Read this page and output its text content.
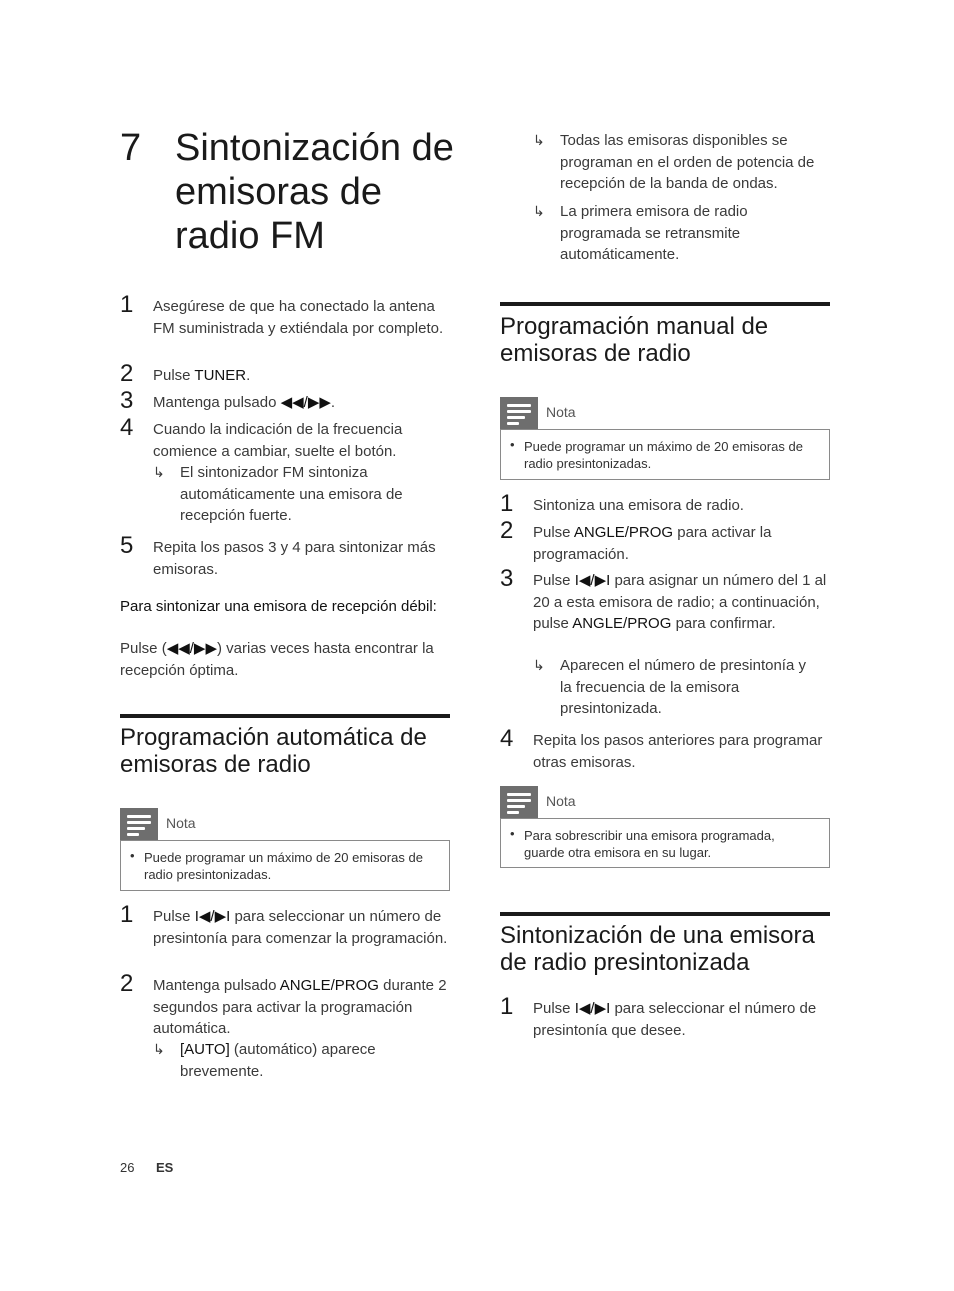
7 Sintonización de emisoras de radio FM
1 Asegúrese de que ha conectado la antena FM suministrada y extiéndala por completo.
2 Pulse TUNER.
3 Mantenga pulsado ◀◀/▶▶.
4 Cuando la indicación de la frecuencia comience a cambiar, suelte el botón.
↳ El sintonizador FM sintoniza automáticamente una emisora de recepción fuerte.
5 Repita los pasos 3 y 4 para sintonizar más emisoras.
Para sintonizar una emisora de recepción débil:
Pulse (◀◀/▶▶) varias veces hasta encontrar la recepción óptima.
Programación automática de emisoras de radio
Nota
• Puede programar un máximo de 20 emisoras de radio presintonizadas.
1 Pulse I◀/▶I para seleccionar un número de presintonía para comenzar la programación.
2 Mantenga pulsado ANGLE/PROG durante 2 segundos para activar la programación automática.
↳ [AUTO] (automático) aparece brevemente.
↳ Todas las emisoras disponibles se programan en el orden de potencia de recepción de la banda de ondas.
↳ La primera emisora de radio programada se retransmite automáticamente.
Programación manual de emisoras de radio
Nota
• Puede programar un máximo de 20 emisoras de radio presintonizadas.
1 Sintoniza una emisora de radio.
2 Pulse ANGLE/PROG para activar la programación.
3 Pulse I◀/▶I para asignar un número del 1 al 20 a esta emisora de radio; a continuación, pulse ANGLE/PROG para confirmar.
↳ Aparecen el número de presintonía y la frecuencia de la emisora presintonizada.
4 Repita los pasos anteriores para programar otras emisoras.
Nota
• Para sobrescribir una emisora programada, guarde otra emisora en su lugar.
Sintonización de una emisora de radio presintonizada
1 Pulse I◀/▶I para seleccionar el número de presintonía que desee.
26 ES
